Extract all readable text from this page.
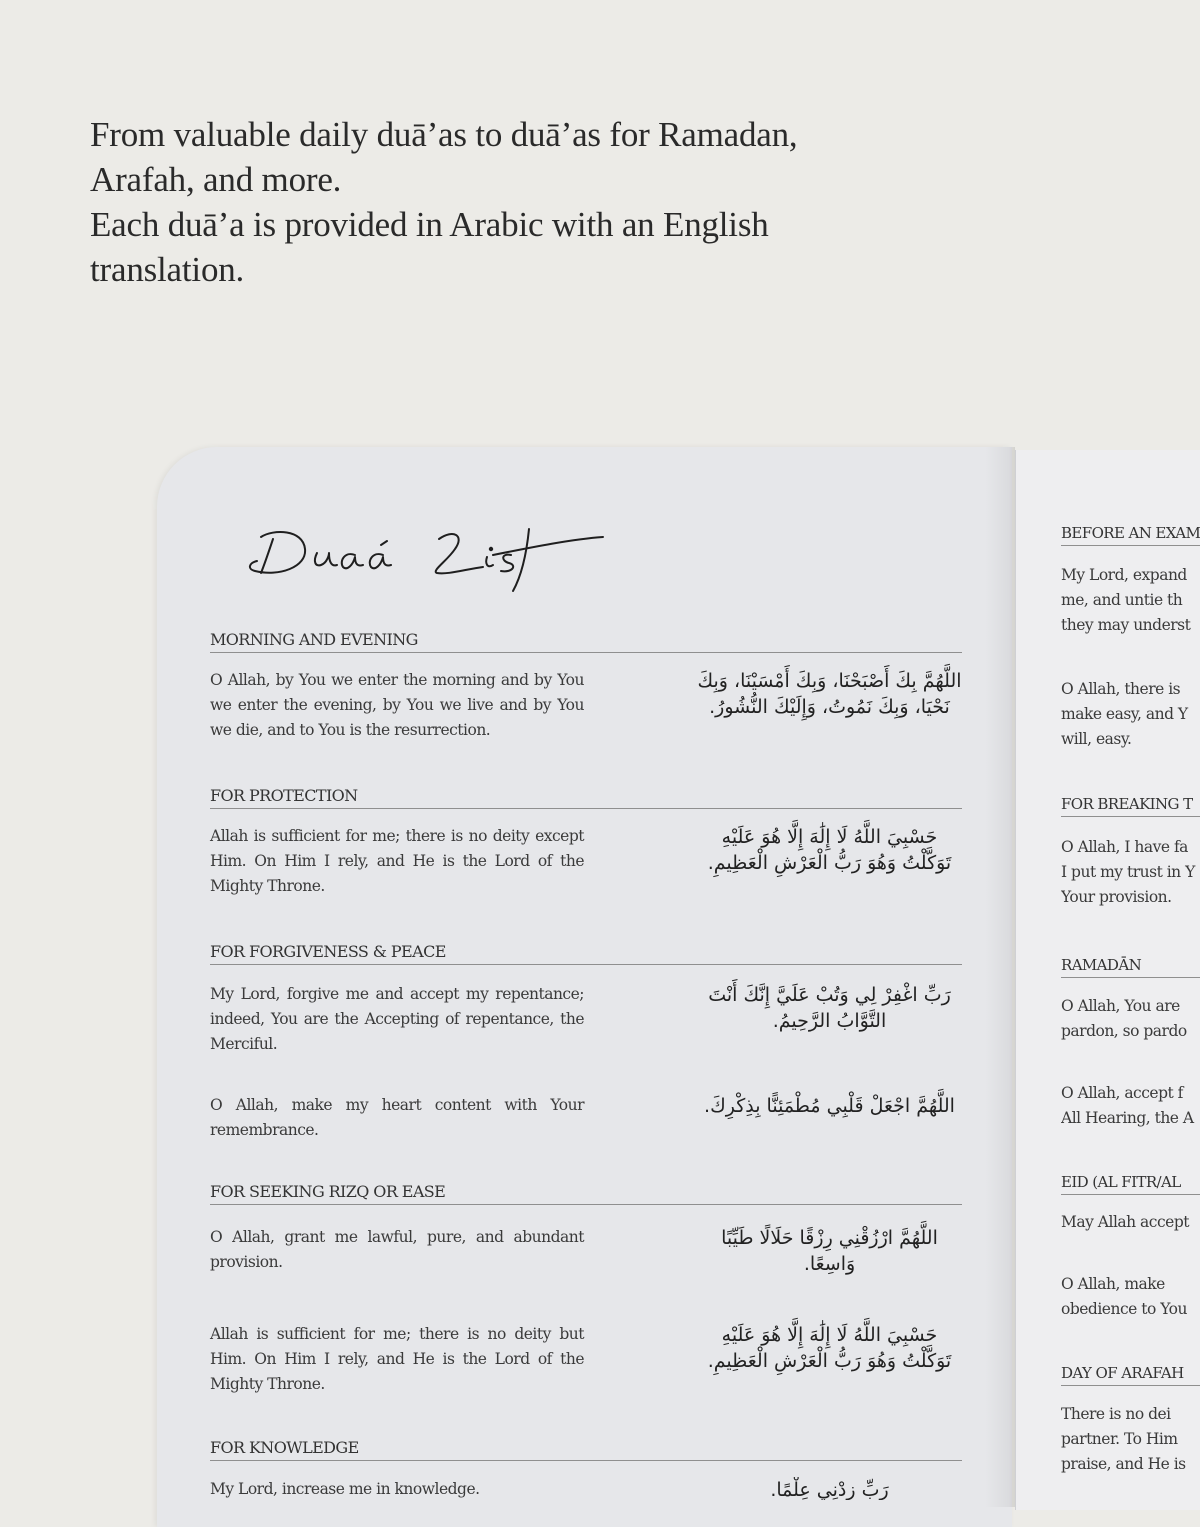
From valuable daily duā’as to duā’as for Ramadan,

Arafah, and more.

Each duā’a is provided in Arabic with an English

translation.

MORNING AND EVENING
O Allah, by You we enter the morning and by You we enter the evening, by You we live and by You we die, and to You is the resurrection.
اللَّهُمَّ بِكَ أَصْبَحْنَا، وَبِكَ أَمْسَيْنَا، وَبِكَ نَحْيَا، وَبِكَ نَمُوتُ، وَإِلَيْكَ النُّشُورُ.
FOR PROTECTION
Allah is sufficient for me; there is no deity except Him. On Him I rely, and He is the Lord of the Mighty Throne.
حَسْبِيَ اللَّهُ لَا إِلَٰهَ إِلَّا هُوَ عَلَيْهِ تَوَكَّلْتُ وَهُوَ رَبُّ الْعَرْشِ الْعَظِيمِ.
FOR FORGIVENESS & PEACE
My Lord, forgive me and accept my repentance; indeed, You are the Accepting of repentance, the Merciful.
رَبِّ اغْفِرْ لِي وَتُبْ عَلَيَّ إِنَّكَ أَنْتَ التَّوَّابُ الرَّحِيمُ.
O Allah, make my heart content with Your remembrance.
اللَّهُمَّ اجْعَلْ قَلْبِي مُطْمَئِنًّا بِذِكْرِكَ.
FOR SEEKING RIZQ OR EASE
O Allah, grant me lawful, pure, and abundant provision.
اللَّهُمَّ ارْزُقْنِي رِزْقًا حَلَالًا طَيِّبًا وَاسِعًا.
Allah is sufficient for me; there is no deity but Him. On Him I rely, and He is the Lord of the Mighty Throne.
حَسْبِيَ اللَّهُ لَا إِلَٰهَ إِلَّا هُوَ عَلَيْهِ تَوَكَّلْتُ وَهُوَ رَبُّ الْعَرْشِ الْعَظِيمِ.
FOR KNOWLEDGE
My Lord, increase me in knowledge.	رَبِّ زِدْنِي عِلْمًا.
BEFORE AN EXAM
My Lord, expand
me, and untie th
they may underst
O Allah, there is
make easy, and Y
will, easy.
FOR BREAKING T
O Allah, I have fa
I put my trust in Y
Your provision.
RAMADĀN
O Allah, You are
pardon, so pardo
O Allah, accept f
All Hearing, the A
EID (AL FITR/AL
May Allah accept
O Allah, make
obedience to You
DAY OF ARAFAH
There is no dei
partner. To Him
praise, and He is
